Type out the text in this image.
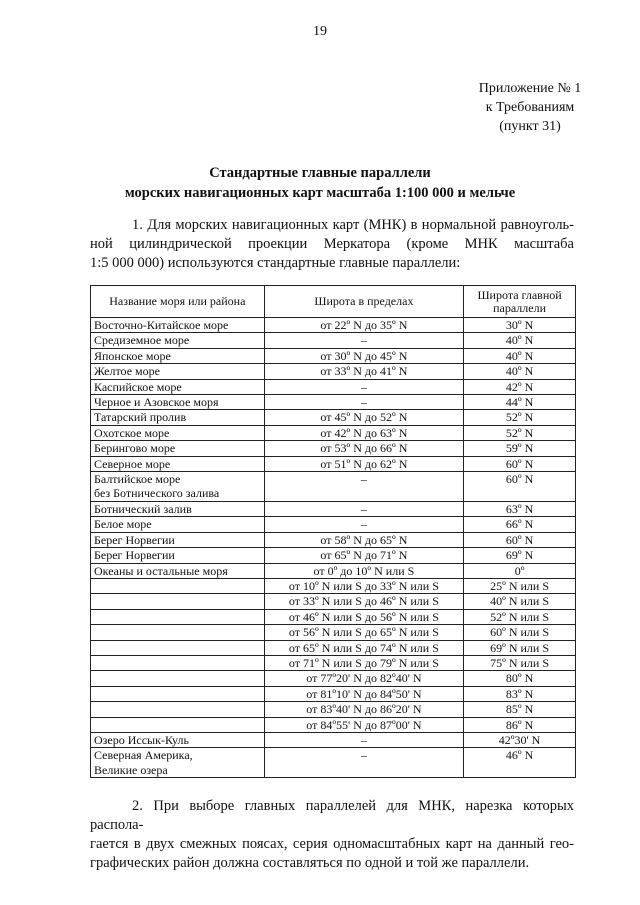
19
Приложение № 1
к Требованиям
(пункт 31)
Стандартные главные параллели
морских навигационных карт масштаба 1:100 000 и мельче
1. Для морских навигационных карт (МНК) в нормальной равноуголь-
ной цилиндрической проекции Меркатора (кроме МНК масштаба
1:5 000 000) используются стандартные главные параллели:
Название моря или района	Широта в пределах	Широта главной параллели
Восточно-Китайское море	от 22º N до 35º N	30º N
Средиземное море	–	40º N
Японское море	от 30º N до 45º N	40º N
Желтое море	от 33º N до 41º N	40º N
Каспийское море	–	42º N
Черное и Азовское моря	–	44º N
Татарский пролив	от 45º N до 52º N	52º N
Охотское море	от 42º N до 63º N	52º N
Берингово море	от 53º N до 66º N	59º N
Северное море	от 51º N до 62º N	60º N
Балтийское море
без Ботнического залива	–	60º N
Ботнический залив	–	63º N
Белое море	–	66º N
Берег Норвегии	от 58º N до 65º N	60º N
Берег Норвегии	от 65º N до 71º N	69º N
Океаны и остальные моря	от 0º до 10º N или S	0º
	от 10º N или S до 33º N или S	25º N или S
	от 33º N или S до 46º N или S	40º N или S
	от 46º N или S до 56º N или S	52º N или S
	от 56º N или S до 65º N или S	60º N или S
	от 65º N или S до 74º N или S	69º N или S
	от 71º N или S до 79º N или S	75º N или S
	от 77º20' N до 82º40' N	80º N
	от 81º10' N до 84º50' N	83º N
	от 83º40' N до 86º20' N	85º N
	от 84º55' N до 87º00' N	86º N
Озеро Иссык-Куль	–	42º30' N
Северная Америка,
Великие озера	–	46º N
2. При выборе главных параллелей для МНК, нарезка которых распола-
гается в двух смежных поясах, серия одномасштабных карт на данный гео-
графических район должна составляться по одной и той же параллели.
